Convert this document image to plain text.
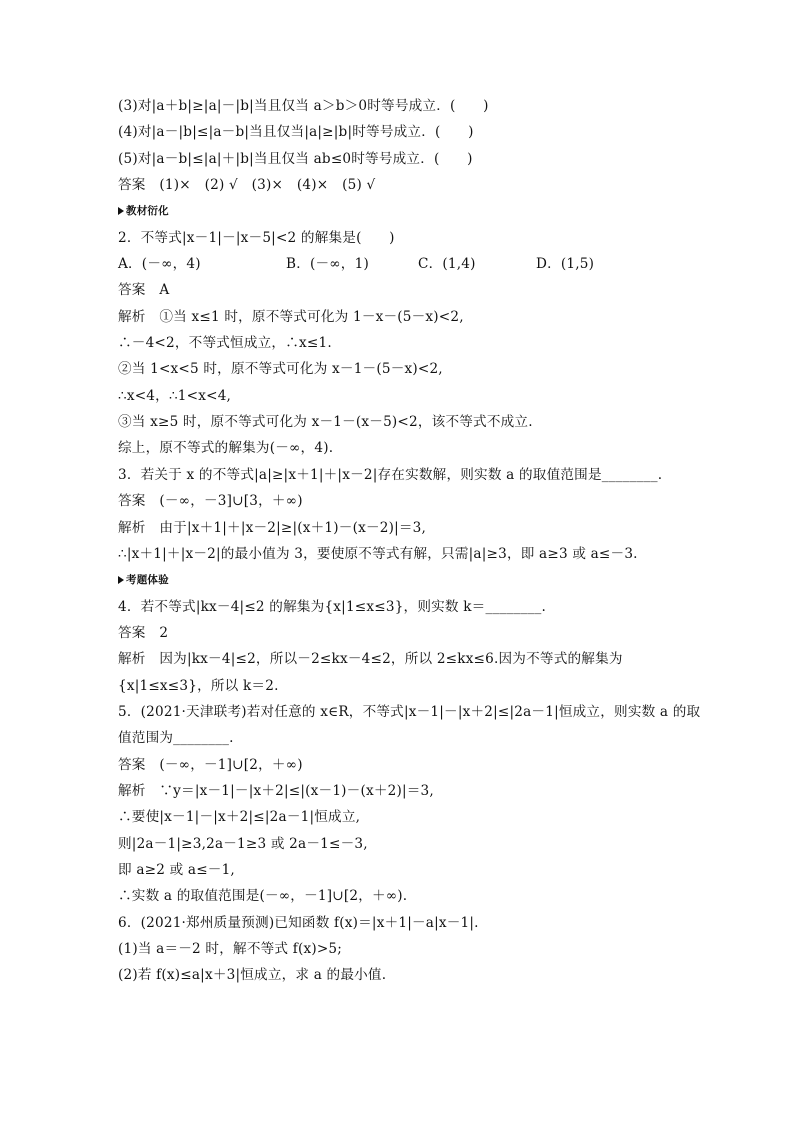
(3)对|a＋b|≥|a|－|b|当且仅当 a＞b＞0时等号成立．(　　)
(4)对|a－|b|≤|a－b|当且仅当|a|≥|b|时等号成立．(　　)
(5)对|a－b|≤|a|＋|b|当且仅当 ab≤0时等号成立．(　　)
答案　(1)×　(2) √　(3)×　(4)×　(5) √
教材衍化
2．不等式|x－1|－|x－5|<2 的解集是(　　)
A．(－∞，4)	B．(－∞，1)	C．(1,4)	D．(1,5)
答案　A
解析　①当 x≤1 时，原不等式可化为 1－x－(5－x)<2,
∴－4<2，不等式恒成立，∴x≤1.
②当 1<x<5 时，原不等式可化为 x－1－(5－x)<2,
∴x<4，∴1<x<4,
③当 x≥5 时，原不等式可化为 x－1－(x－5)<2，该不等式不成立.
综上，原不等式的解集为(－∞，4).
3．若关于 x 的不等式|a|≥|x＋1|＋|x－2|存在实数解，则实数 a 的取值范围是________.
答案　(－∞，－3]∪[3，＋∞)
解析　由于|x＋1|＋|x－2|≥|(x＋1)－(x－2)|＝3,
∴|x＋1|＋|x－2|的最小值为 3，要使原不等式有解，只需|a|≥3，即 a≥3 或 a≤－3.
考题体验
4．若不等式|kx－4|≤2 的解集为{x|1≤x≤3}，则实数 k＝________.
答案　2
解析　因为|kx－4|≤2，所以－2≤kx－4≤2，所以 2≤kx≤6.因为不等式的解集为
{x|1≤x≤3}，所以 k＝2.
5．(2021·天津联考)若对任意的 x∈R，不等式|x－1|－|x＋2|≤|2a－1|恒成立，则实数 a 的取
值范围为________.
答案　(－∞，－1]∪[2，＋∞)
解析　∵y＝|x－1|－|x＋2|≤|(x－1)－(x＋2)|＝3,
∴要使|x－1|－|x＋2|≤|2a－1|恒成立,
则|2a－1|≥3,2a－1≥3 或 2a－1≤－3,
即 a≥2 或 a≤－1,
∴实数 a 的取值范围是(－∞，－1]∪[2，＋∞).
6．(2021·郑州质量预测)已知函数 f(x)＝|x＋1|－a|x－1|.
(1)当 a＝－2 时，解不等式 f(x)>5;
(2)若 f(x)≤a|x＋3|恒成立，求 a 的最小值.
